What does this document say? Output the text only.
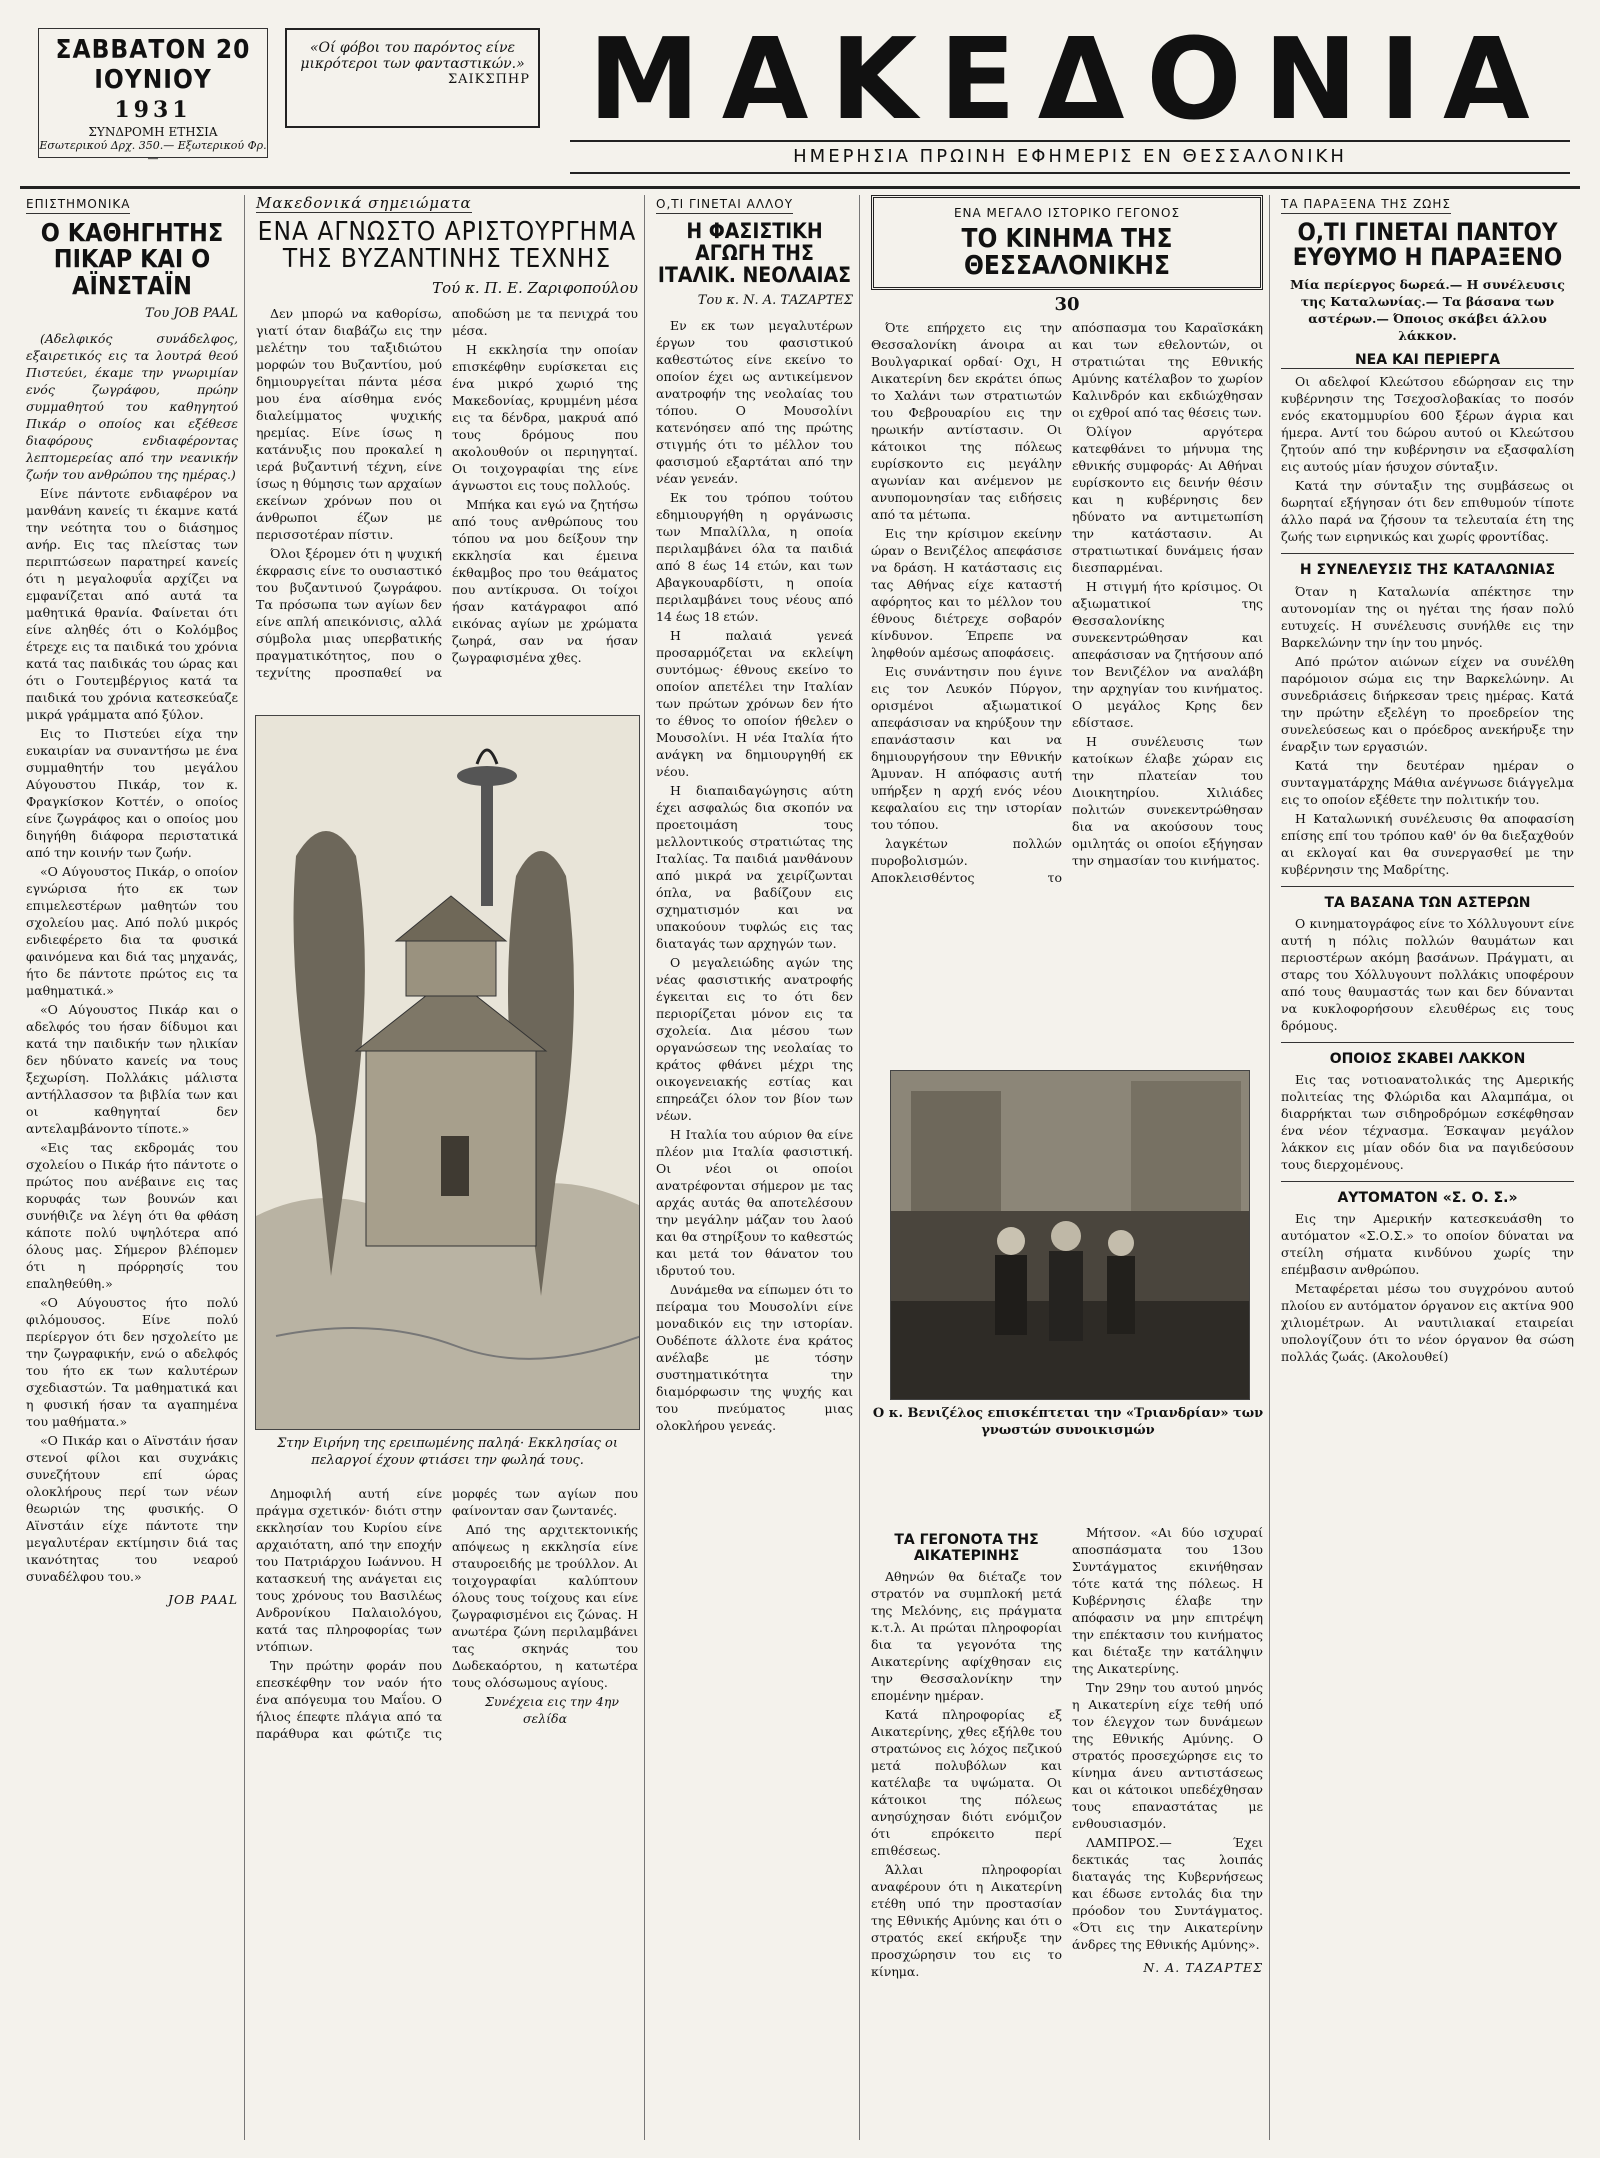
ΣΑΒΒΑΤΟΝ 20 ΙΟΥΝΙΟΥ
1931
ΣΥΝΔΡΟΜΗ ΕΤΗΣΙΑ
Εσωτερικού Δρχ. 350.— Εξωτερικού Φρ.—
«Οί φόβοι του παρόντος είνε μικρότεροι των φανταστικών.»
ΣΑΙΚΣΠΗΡ ΜΑΚΕΔΟΝΙΑ
ΗΜΕΡΗΣΙΑ ΠΡΩΙΝΗ ΕΦΗΜΕΡΙΣ ΕΝ ΘΕΣΣΑΛΟΝΙΚΗ
ΕΠΙΣΤΗΜΟΝΙΚΑ
Ο ΚΑΘΗΓΗΤΗΣ ΠΙΚΑΡ ΚΑΙ Ο ΑΪΝΣΤΑΪΝ
Του JOB PAAL

(Αδελφικός συνάδελφος, εξαιρετικός εις τα λουτρά θεού Πιστεύει, έκαμε την γνωριμίαν ενός ζωγράφου, πρώην συμμαθητού του καθηγητού Πικάρ ο οποίος και εξέθεσε διαφόρους ενδιαφέροντας λεπτομερείας από την νεανικήν ζωήν του ανθρώπου της ημέρας.)

Είνε πάντοτε ενδιαφέρον να μανθάνη κανείς τι έκαμνε κατά την νεότητα του ο διάσημος ανήρ. Εις τας πλείστας των περιπτώσεων παρατηρεί κανείς ότι η μεγαλοφυΐα αρχίζει να εμφανίζεται από αυτά τα μαθητικά θρανία. Φαίνεται ότι είνε αληθές ότι ο Κολόμβος έτρεχε εις τα παιδικά του χρόνια κατά τας παιδικάς του ώρας και ότι ο Γουτεμβέργιος κατά τα παιδικά του χρόνια κατεσκεύαζε μικρά γράμματα από ξύλον.

Εις το Πιστεύει είχα την ευκαιρίαν να συναντήσω με ένα συμμαθητήν του μεγάλου Αύγουστου Πικάρ, τον κ. Φραγκίσκον Κοττέν, ο οποίος είνε ζωγράφος και ο οποίος μου διηγήθη διάφορα περιστατικά από την κοινήν των ζωήν.

«Ο Αύγουστος Πικάρ, ο οποίον εγνώρισα ήτο εκ των επιμελεστέρων μαθητών του σχολείου μας. Από πολύ μικρός ενδιεφέρετο δια τα φυσικά φαινόμενα και διά τας μηχανάς, ήτο δε πάντοτε πρώτος εις τα μαθηματικά.»

«Ο Αύγουστος Πικάρ και ο αδελφός του ήσαν δίδυμοι και κατά την παιδικήν των ηλικίαν δεν ηδύνατο κανείς να τους ξεχωρίση. Πολλάκις μάλιστα αντήλλασσον τα βιβλία των και οι καθηγηταί δεν αντελαμβάνοντο τίποτε.»

«Εις τας εκδρομάς του σχολείου ο Πικάρ ήτο πάντοτε ο πρώτος που ανέβαινε εις τας κορυφάς των βουνών και συνήθιζε να λέγη ότι θα φθάση κάποτε πολύ υψηλότερα από όλους μας. Σήμερον βλέπομεν ότι η πρόρρησίς του επαληθεύθη.»

«Ο Αύγουστος ήτο πολύ φιλόμουσος. Είνε πολύ περίεργον ότι δεν ησχολείτο με την ζωγραφικήν, ενώ ο αδελφός του ήτο εκ των καλυτέρων σχεδιαστών. Τα μαθηματικά και η φυσική ήσαν τα αγαπημένα του μαθήματα.»

«Ο Πικάρ και ο Αϊνστάιν ήσαν στενοί φίλοι και συχνάκις συνεζήτουν επί ώρας ολοκλήρους περί των νέων θεωριών της φυσικής. Ο Αϊνστάιν είχε πάντοτε την μεγαλυτέραν εκτίμησιν διά τας ικανότητας του νεαρού συναδέλφου του.»

JOB PAAL
Μακεδονικά σημειώματα
ΕΝΑ ΑΓΝΩΣΤΟ ΑΡΙΣΤΟΥΡΓΗΜΑ ΤΗΣ ΒΥΖΑΝΤΙΝΗΣ ΤΕΧΝΗΣ
Τού κ. Π. Ε. Ζαριφοπούλου

Δεν μπορώ να καθορίσω, γιατί όταν διαβάζω εις την μελέτην του ταξιδιώτου μορφών του Βυζαντίου, μού δημιουργείται πάντα μέσα μου ένα αίσθημα ενός διαλείμματος ψυχικής ηρεμίας. Είνε ίσως η κατάνυξις που προκαλεί η ιερά βυζαντινή τέχνη, είνε ίσως η θύμησις των αρχαίων εκείνων χρόνων που οι άνθρωποι έζων με περισσοτέραν πίστιν.

Όλοι ξέρομεν ότι η ψυχική έκφρασις είνε το ουσιαστικό του βυζαντινού ζωγράφου. Τα πρόσωπα των αγίων δεν είνε απλή απεικόνισις, αλλά σύμβολα μιας υπερβατικής πραγματικότητος, που ο τεχνίτης προσπαθεί να αποδώση με τα πενιχρά του μέσα.

Η εκκλησία την οποίαν επισκέφθην ευρίσκεται εις ένα μικρό χωριό της Μακεδονίας, κρυμμένη μέσα εις τα δένδρα, μακρυά από τους δρόμους που ακολουθούν οι περιηγηταί. Οι τοιχογραφίαι της είνε άγνωστοι εις τους πολλούς.

Μπήκα και εγώ να ζητήσω από τους ανθρώπους του τόπου να μου δείξουν την εκκλησία και έμεινα έκθαμβος προ του θεάματος που αντίκρυσα. Οι τοίχοι ήσαν κατάγραφοι από εικόνας αγίων με χρώματα ζωηρά, σαν να ήσαν ζωγραφισμένα χθες.

Δημοφιλή αυτή είνε πράγμα σχετικόν· διότι στην εκκλησίαν του Κυρίου είνε αρχαιότατη, από την εποχήν του Πατριάρχου Ιωάννου. Η κατασκευή της ανάγεται εις τους χρόνους του Βασιλέως Ανδρονίκου Παλαιολόγου, κατά τας πληροφορίας των ντόπιων.

Την πρώτην φοράν που επεσκέφθην τον ναόν ήτο ένα απόγευμα του Μαΐου. Ο ήλιος έπεφτε πλάγια από τα παράθυρα και φώτιζε τις μορφές των αγίων που φαίνονταν σαν ζωντανές.

Από της αρχιτεκτονικής απόψεως η εκκλησία είνε σταυροειδής με τρούλλον. Αι τοιχογραφίαι καλύπτουν όλους τους τοίχους και είνε ζωγραφισμένοι εις ζώνας. Η ανωτέρα ζώνη περιλαμβάνει τας σκηνάς του Δωδεκαόρτου, η κατωτέρα τους ολόσωμους αγίους.

Συνέχεια εις την 4ην σελίδα

Στην Ειρήνη της ερειπωμένης παληά· Εκκλησίας οι πελαργοί έχουν φτιάσει την φωληά τους.
Ο,ΤΙ ΓΙΝΕΤΑΙ ΑΛΛΟΥ
Η ΦΑΣΙΣΤΙΚΗ ΑΓΩΓΗ ΤΗΣ ΙΤΑΛΙΚ. ΝΕΟΛΑΙΑΣ
Του κ. Ν. Α. ΤΑΖΑΡΤΕΣ

Εν εκ των μεγαλυτέρων έργων του φασιστικού καθεστώτος είνε εκείνο το οποίον έχει ως αντικείμενον ανατροφήν της νεολαίας του τόπου. Ο Μουσολίνι κατενόησεν από της πρώτης στιγμής ότι το μέλλον του φασισμού εξαρτάται από την νέαν γενεάν.

Εκ του τρόπου τούτου εδημιουργήθη η οργάνωσις των Μπαλίλλα, η οποία περιλαμβάνει όλα τα παιδιά από 8 έως 14 ετών, και των Αβαγκουαρδίστι, η οποία περιλαμβάνει τους νέους από 14 έως 18 ετών.

Η παλαιά γενεά προσαρμόζεται να εκλείψη συντόμως· έθνους εκείνο το οποίον απετέλει την Ιταλίαν των πρώτων χρόνων δεν ήτο το έθνος το οποίον ήθελεν ο Μουσολίνι. Η νέα Ιταλία ήτο ανάγκη να δημιουργηθή εκ νέου.

Η διαπαιδαγώγησις αύτη έχει ασφαλώς δια σκοπόν να προετοιμάση τους μελλοντικούς στρατιώτας της Ιταλίας. Τα παιδιά μανθάνουν από μικρά να χειρίζωνται όπλα, να βαδίζουν εις σχηματισμόν και να υπακούουν τυφλώς εις τας διαταγάς των αρχηγών των.

Ο μεγαλειώδης αγών της νέας φασιστικής ανατροφής έγκειται εις το ότι δεν περιορίζεται μόνον εις τα σχολεία. Δια μέσου των οργανώσεων της νεολαίας το κράτος φθάνει μέχρι της οικογενειακής εστίας και επηρεάζει όλον τον βίον των νέων.

Η Ιταλία του αύριον θα είνε πλέον μια Ιταλία φασιστική. Οι νέοι οι οποίοι ανατρέφονται σήμερον με τας αρχάς αυτάς θα αποτελέσουν την μεγάλην μάζαν του λαού και θα στηρίξουν το καθεστώς και μετά τον θάνατον του ιδρυτού του.

Δυνάμεθα να είπωμεν ότι το πείραμα του Μουσολίνι είνε μοναδικόν εις την ιστορίαν. Ουδέποτε άλλοτε ένα κράτος ανέλαβε με τόσην συστηματικότητα την διαμόρφωσιν της ψυχής και του πνεύματος μιας ολοκλήρου γενεάς.

ΕΝΑ ΜΕΓΑΛΟ ΙΣΤΟΡΙΚΟ ΓΕΓΟΝΟΣ
ΤΟ ΚΙΝΗΜΑ ΤΗΣ ΘΕΣΣΑΛΟΝΙΚΗΣ
30

Ότε επήρχετο εις την Θεσσαλονίκη άνοιρα αι Βουλγαρικαί ορδαί· Οχι, Η Αικατερίνη δεν εκράτει όπως το Χαλάνι των στρατιωτών του Φεβρουαρίου εις την ηρωικήν αντίστασιν. Οι κάτοικοι της πόλεως ευρίσκοντο εις μεγάλην αγωνίαν και ανέμενον με ανυπομονησίαν τας ειδήσεις από τα μέτωπα.

Εις την κρίσιμον εκείνην ώραν ο Βενιζέλος απεφάσισε να δράση. Η κατάστασις εις τας Αθήνας είχε καταστή αφόρητος και το μέλλον του έθνους διέτρεχε σοβαρόν κίνδυνον. Έπρεπε να ληφθούν αμέσως αποφάσεις.

Εις συνάντησιν που έγινε εις τον Λευκόν Πύργον, ορισμένοι αξιωματικοί απεφάσισαν να κηρύξουν την επανάστασιν και να δημιουργήσουν την Εθνικήν Άμυναν. Η απόφασις αυτή υπήρξεν η αρχή ενός νέου κεφαλαίου εις την ιστορίαν του τόπου.

λαγκέτων πολλών πυροβολισμών. Αποκλεισθέντος το απόσπασμα του Καραϊσκάκη και των εθελοντών, οι στρατιώται της Εθνικής Αμύνης κατέλαβον το χωρίον Καλινδρόν και εκδιώχθησαν οι εχθροί από τας θέσεις των.

Όλίγον αργότερα κατεφθάνει το μήνυμα της εθνικής συμφοράς· Αι Αθήναι ευρίσκοντο εις δεινήν θέσιν και η κυβέρνησις δεν ηδύνατο να αντιμετωπίση την κατάστασιν. Αι στρατιωτικαί δυνάμεις ήσαν διεσπαρμέναι.

Η στιγμή ήτο κρίσιμος. Οι αξιωματικοί της Θεσσαλονίκης συνεκεντρώθησαν και απεφάσισαν να ζητήσουν από τον Βενιζέλον να αναλάβη την αρχηγίαν του κινήματος. Ο μεγάλος Κρης δεν εδίστασε.

Η συνέλευσις των κατοίκων έλαβε χώραν εις την πλατείαν του Διοικητηρίου. Χιλιάδες πολιτών συνεκεντρώθησαν δια να ακούσουν τους ομιλητάς οι οποίοι εξήγησαν την σημασίαν του κινήματος.

ΤΑ ΓΕΓΟΝΟΤΑ ΤΗΣ ΑΙΚΑΤΕΡΙΝΗΣ

Αθηνών θα διέταζε τον στρατόν να συμπλοκή μετά της Μελόνης, εις πράγματα κ.τ.λ. Αι πρώται πληροφορίαι δια τα γεγονότα της Αικατερίνης αφίχθησαν εις την Θεσσαλονίκην την επομένην ημέραν.

Κατά πληροφορίας εξ Αικατερίνης, χθες εξήλθε του στρατώνος εις λόχος πεζικού μετά πολυβόλων και κατέλαβε τα υψώματα. Οι κάτοικοι της πόλεως ανησύχησαν διότι ενόμιζον ότι επρόκειτο περί επιθέσεως.

Άλλαι πληροφορίαι αναφέρουν ότι η Αικατερίνη ετέθη υπό την προστασίαν της Εθνικής Αμύνης και ότι ο στρατός εκεί εκήρυξε την προσχώρησιν του εις το κίνημα.

Μήτσον. «Αι δύο ισχυραί αποσπάσματα του 13ου Συντάγματος εκινήθησαν τότε κατά της πόλεως. Η Κυβέρνησις έλαβε την απόφασιν να μην επιτρέψη την επέκτασιν του κινήματος και διέταξε την κατάληψιν της Αικατερίνης.

Την 29ην του αυτού μηνός η Αικατερίνη είχε τεθή υπό τον έλεγχον των δυνάμεων της Εθνικής Αμύνης. Ο στρατός προσεχώρησε εις το κίνημα άνευ αντιστάσεως και οι κάτοικοι υπεδέχθησαν τους επαναστάτας με ενθουσιασμόν.

ΛΑΜΠΡΟΣ.— Έχει δεκτικάς τας λοιπάς διαταγάς της Κυβερνήσεως και έδωσε εντολάς δια την πρόοδον του Συντάγματος. «Ότι εις την Αικατερίνην άνδρες της Εθνικής Αμύνης».

Ν. Α. ΤΑΖΑΡΤΕΣ
Ο κ. Βενιζέλος επισκέπτεται την «Τριανδρίαν» των γνωστών συνοικισμών
ΤΑ ΠΑΡΑΞΕΝΑ ΤΗΣ ΖΩΗΣ
Ο,ΤΙ ΓΙΝΕΤΑΙ ΠΑΝΤΟΥ ΕΥΘΥΜΟ Η ΠΑΡΑΞΕΝΟ

Μία περίεργος δωρεά.— Η συνέλευσις της Καταλωνίας.— Τα βάσανα των αστέρων.— Όποιος σκάβει άλλου λάκκον.

ΝΕΑ ΚΑΙ ΠΕΡΙΕΡΓΑ

Οι αδελφοί Κλεώτσου εδώρησαν εις την κυβέρνησιν της Τσεχοσλοβακίας το ποσόν ενός εκατομμυρίου 600 ξέρων άγρια και ήμερα. Αντί του δώρου αυτού οι Κλεώτσου ζητούν από την κυβέρνησιν να εξασφαλίση εις αυτούς μίαν ήσυχον σύνταξιν.

Κατά την σύνταξιν της συμβάσεως οι δωρηταί εξήγησαν ότι δεν επιθυμούν τίποτε άλλο παρά να ζήσουν τα τελευταία έτη της ζωής των ειρηνικώς και χωρίς φροντίδας.

Η ΣΥΝΕΛΕΥΣΙΣ ΤΗΣ ΚΑΤΑΛΩΝΙΑΣ

Όταν η Καταλωνία απέκτησε την αυτονομίαν της οι ηγέται της ήσαν πολύ ευτυχείς. Η συνέλευσις συνήλθε εις την Βαρκελώνην την ίην του μηνός.

Από πρώτον αιώνων είχεν να συνέλθη παρόμοιον σώμα εις την Βαρκελώνην. Αι συνεδριάσεις διήρκεσαν τρεις ημέρας. Κατά την πρώτην εξελέγη το προεδρείον της συνελεύσεως και ο πρόεδρος ανεκήρυξε την έναρξιν των εργασιών.

Κατά την δευτέραν ημέραν ο συνταγματάρχης Μάθια ανέγνωσε διάγγελμα εις το οποίον εξέθετε την πολιτικήν του.

Η Καταλωνική συνέλευσις θα αποφασίση επίσης επί του τρόπου καθ' όν θα διεξαχθούν αι εκλογαί και θα συνεργασθεί με την κυβέρνησιν της Μαδρίτης.

ΤΑ ΒΑΣΑΝΑ ΤΩΝ ΑΣΤΕΡΩΝ

Ο κινηματογράφος είνε το Χόλλυγουντ είνε αυτή η πόλις πολλών θαυμάτων και περιοστέρων ακόμη βασάνων. Πράγματι, αι σταρς του Χόλλυγουντ πολλάκις υποφέρουν από τους θαυμαστάς των και δεν δύνανται να κυκλοφορήσουν ελευθέρως εις τους δρόμους.

ΟΠΟΙΟΣ ΣΚΑΒΕΙ ΛΑΚΚΟΝ

Εις τας νοτιοανατολικάς της Αμερικής πολιτείας της Φλώριδα και Αλαμπάμα, οι διαρρήκται των σιδηροδρόμων εσκέφθησαν ένα νέον τέχνασμα. Έσκαψαν μεγάλον λάκκον εις μίαν οδόν δια να παγιδεύσουν τους διερχομένους.

ΑΥΤΟΜΑΤΟΝ «Σ. Ο. Σ.»

Εις την Αμερικήν κατεσκευάσθη το αυτόματον «Σ.Ο.Σ.» το οποίον δύναται να στείλη σήματα κινδύνου χωρίς την επέμβασιν ανθρώπου.

Μεταφέρεται μέσω του συγχρόνου αυτού πλοίου εν αυτόματον όργανον εις ακτίνα 900 χιλιομέτρων. Αι ναυτιλιακαί εταιρείαι υπολογίζουν ότι το νέον όργανον θα σώση πολλάς ζωάς. (Ακολουθεί)
